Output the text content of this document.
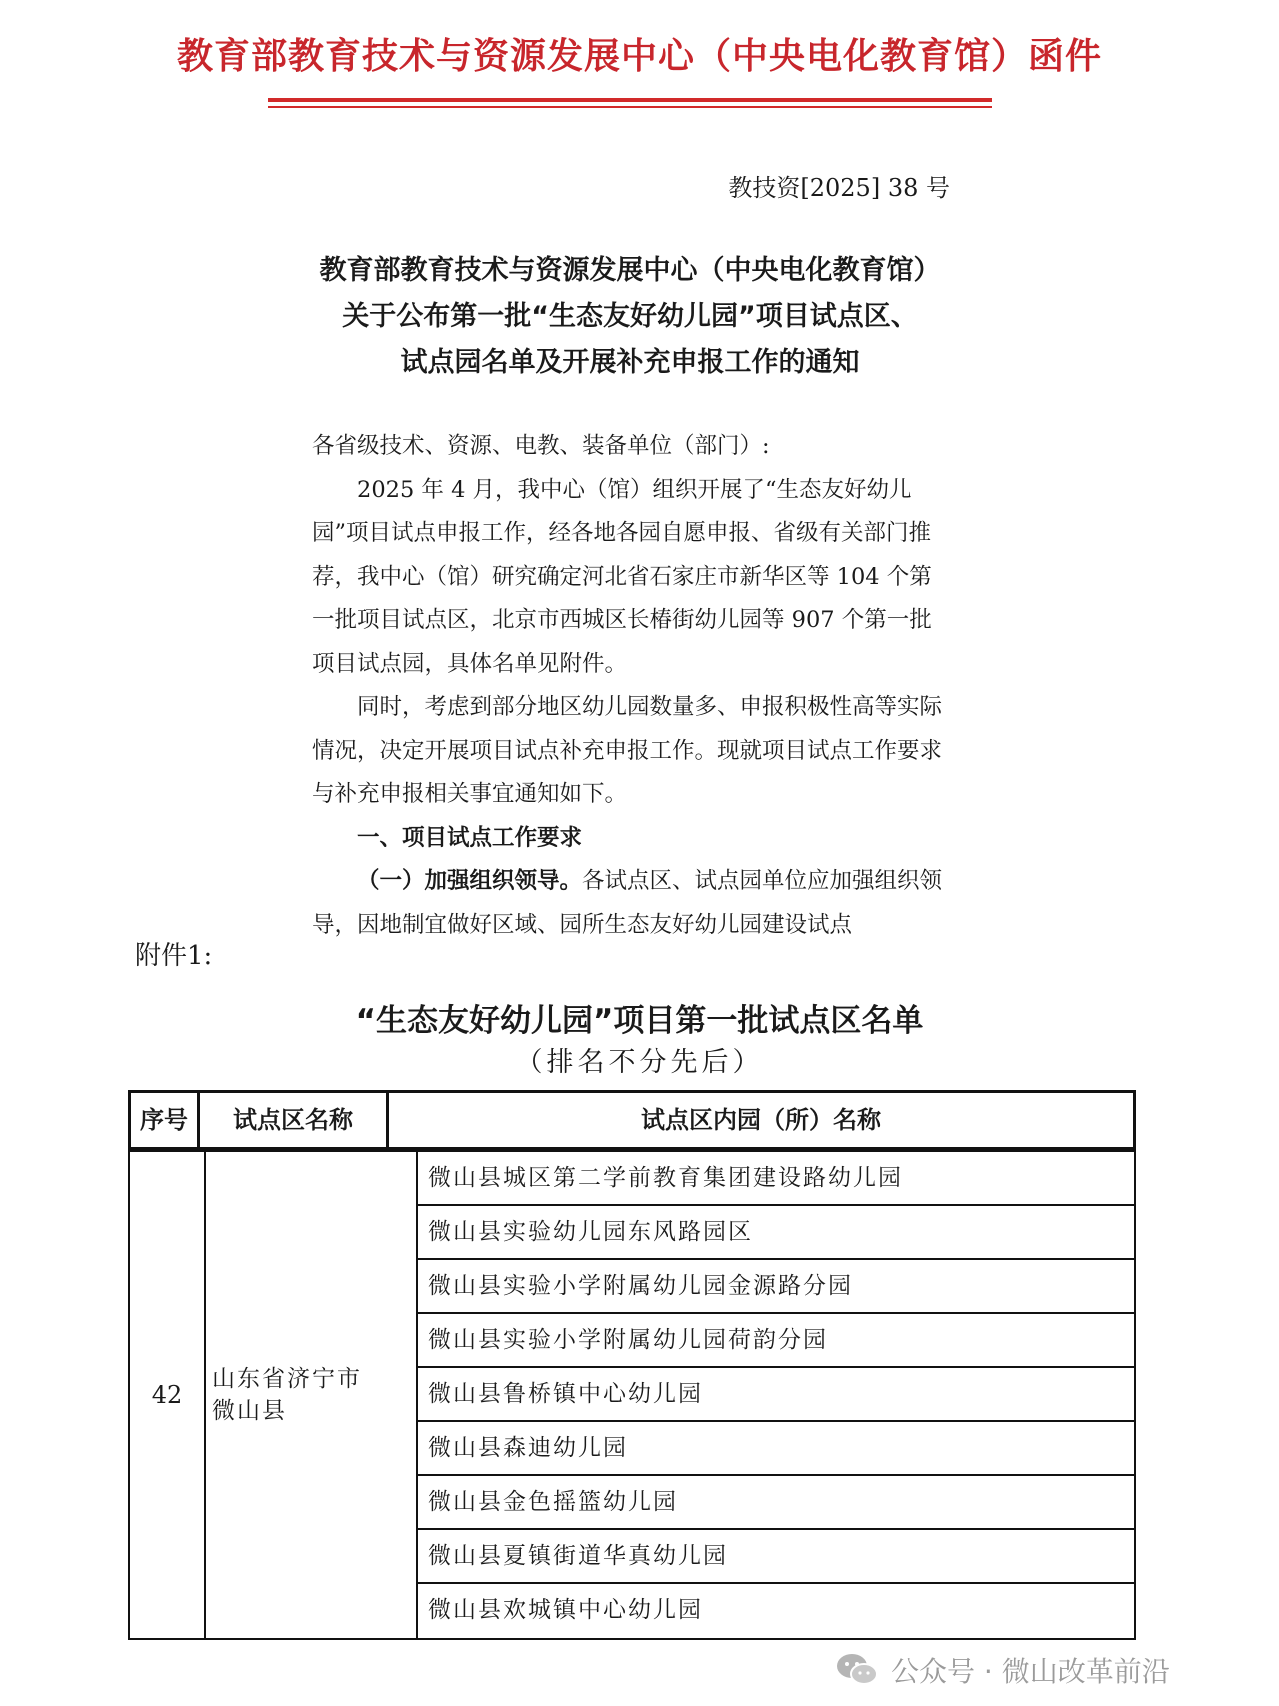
教育部教育技术与资源发展中心（中央电化教育馆）函件
教技资[2025] 38 号
教育部教育技术与资源发展中心（中央电化教育馆）
关于公布第一批“生态友好幼儿园”项目试点区、
试点园名单及开展补充申报工作的通知

各省级技术、资源、电教、装备单位（部门）:

2025 年 4 月，我中心（馆）组织开展了“生态友好幼儿园”项目试点申报工作，经各地各园自愿申报、省级有关部门推荐，我中心（馆）研究确定河北省石家庄市新华区等 104 个第一批项目试点区，北京市西城区长椿街幼儿园等 907 个第一批项目试点园，具体名单见附件。

同时，考虑到部分地区幼儿园数量多、申报积极性高等实际情况，决定开展项目试点补充申报工作。现就项目试点工作要求与补充申报相关事宜通知如下。

一、项目试点工作要求

（一）加强组织领导。各试点区、试点园单位应加强组织领导，因地制宜做好区域、园所生态友好幼儿园建设试点

附件1:
“生态友好幼儿园”项目第一批试点区名单
（排名不分先后）
序号	试点区名称	试点区内园（所）名称
42
山东省济宁市微山县
微山县城区第二学前教育集团建设路幼儿园
微山县实验幼儿园东风路园区
微山县实验小学附属幼儿园金源路分园
微山县实验小学附属幼儿园荷韵分园
微山县鲁桥镇中心幼儿园
微山县森迪幼儿园
微山县金色摇篮幼儿园
微山县夏镇街道华真幼儿园
微山县欢城镇中心幼儿园
公众号 · 微山改革前沿
